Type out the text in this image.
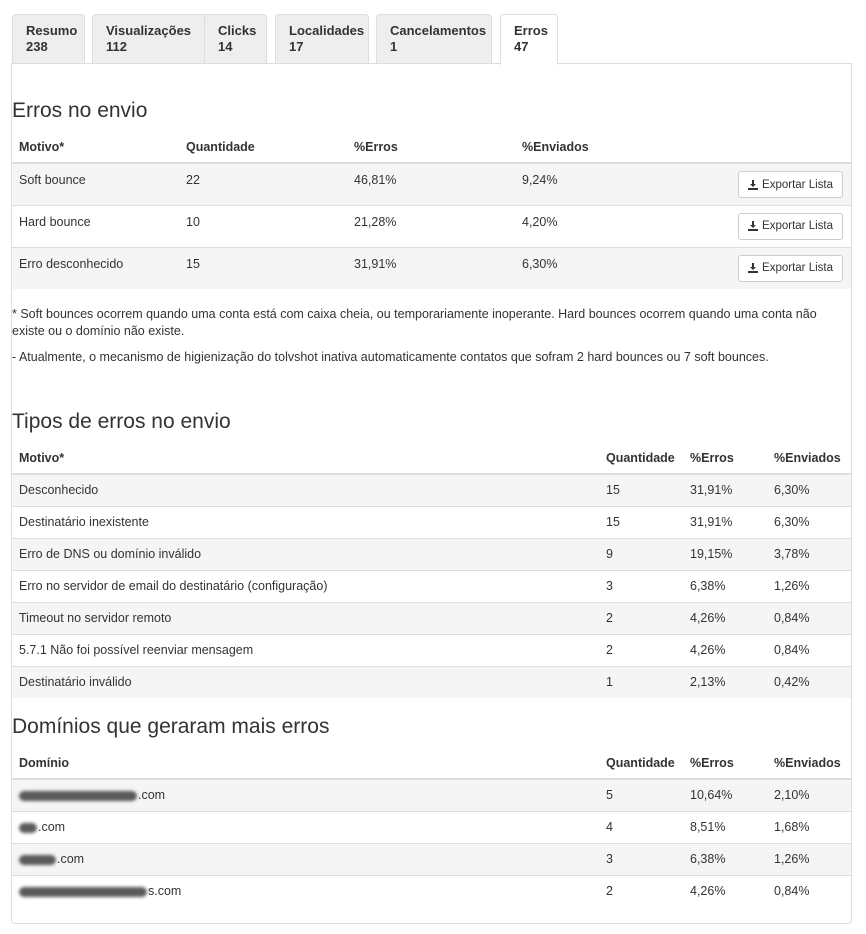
Resumo
238
Visualizações
112
Clicks
14
Localidades
17
Cancelamentos
1
Erros
47
Erros no envio
Motivo*	Quantidade	%Erros	%Enviados	
Soft bounce	22	46,81%	9,24%	Exportar Lista

Hard bounce	10	21,28%	4,20%	Exportar Lista

Erro desconhecido	15	31,91%	6,30%	Exportar Lista

* Soft bounces ocorrem quando uma conta está com caixa cheia, ou temporariamente inoperante. Hard bounces ocorrem quando uma conta não existe ou o domínio não existe.

- Atualmente, o mecanismo de higienização do tolvshot inativa automaticamente contatos que sofram 2 hard bounces ou 7 soft bounces.

Tipos de erros no envio
Motivo*	Quantidade	%Erros	%Enviados
Desconhecido	15	31,91%	6,30%
Destinatário inexistente	15	31,91%	6,30%
Erro de DNS ou domínio inválido	9	19,15%	3,78%
Erro no servidor de email do destinatário (configuração)	3	6,38%	1,26%
Timeout no servidor remoto	2	4,26%	0,84%
5.7.1 Não foi possível reenviar mensagem	2	4,26%	0,84%
Destinatário inválido	1	2,13%	0,42%
Domínios que geraram mais erros
Domínio	Quantidade	%Erros	%Enviados
.com	5	10,64%	2,10%
.com	4	8,51%	1,68%
.com	3	6,38%	1,26%
s.com	2	4,26%	0,84%
